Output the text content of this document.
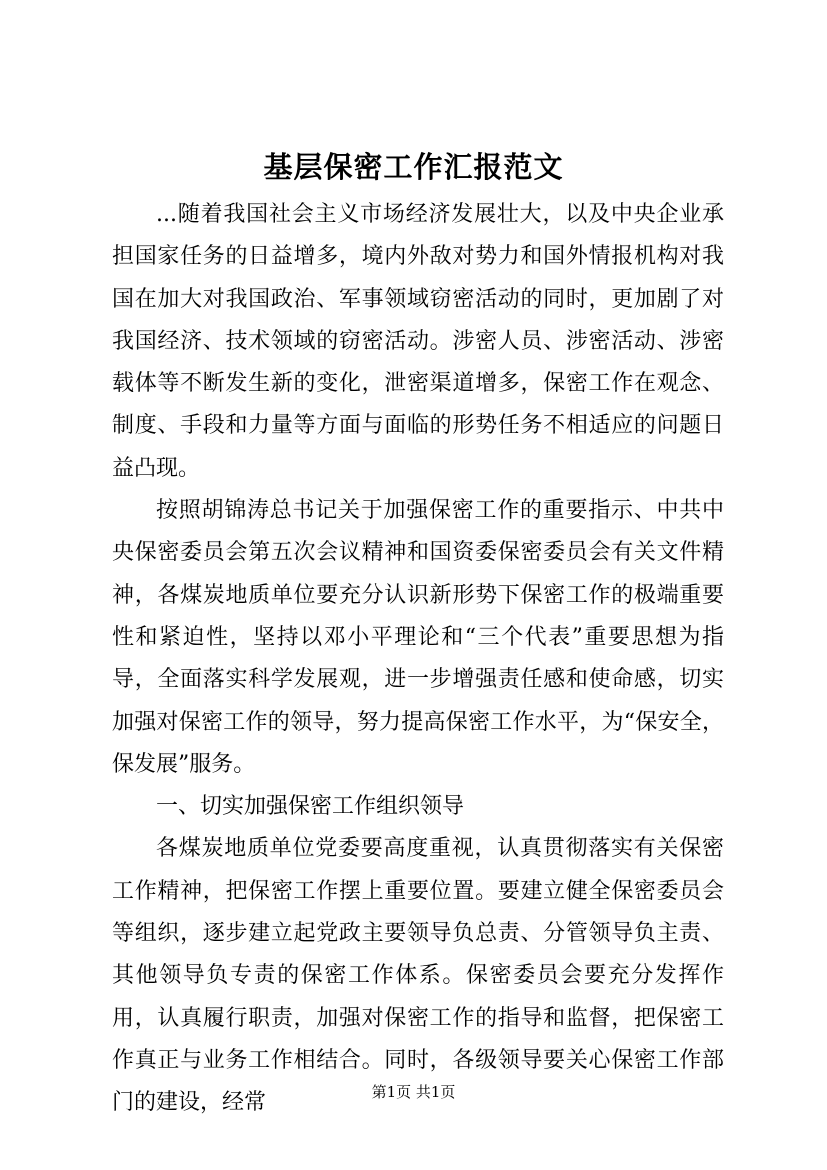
基层保密工作汇报范文

...随着我国社会主义市场经济发展壮大，以及中央企业承担国家任务的日益增多，境内外敌对势力和国外情报机构对我国在加大对我国政治、军事领域窃密活动的同时，更加剧了对我国经济、技术领域的窃密活动。涉密人员、涉密活动、涉密载体等不断发生新的变化，泄密渠道增多，保密工作在观念、制度、手段和力量等方面与面临的形势任务不相适应的问题日益凸现。

按照胡锦涛总书记关于加强保密工作的重要指示、中共中央保密委员会第五次会议精神和国资委保密委员会有关文件精神，各煤炭地质单位要充分认识新形势下保密工作的极端重要性和紧迫性，坚持以邓小平理论和“三个代表”重要思想为指导，全面落实科学发展观，进一步增强责任感和使命感，切实加强对保密工作的领导，努力提高保密工作水平，为“保安全，保发展”服务。

一、切实加强保密工作组织领导

各煤炭地质单位党委要高度重视，认真贯彻落实有关保密工作精神，把保密工作摆上重要位置。要建立健全保密委员会等组织，逐步建立起党政主要领导负总责、分管领导负主责、其他领导负专责的保密工作体系。保密委员会要充分发挥作用，认真履行职责，加强对保密工作的指导和监督，把保密工作真正与业务工作相结合。同时，各级领导要关心保密工作部门的建设，经常	第1页 共1页
